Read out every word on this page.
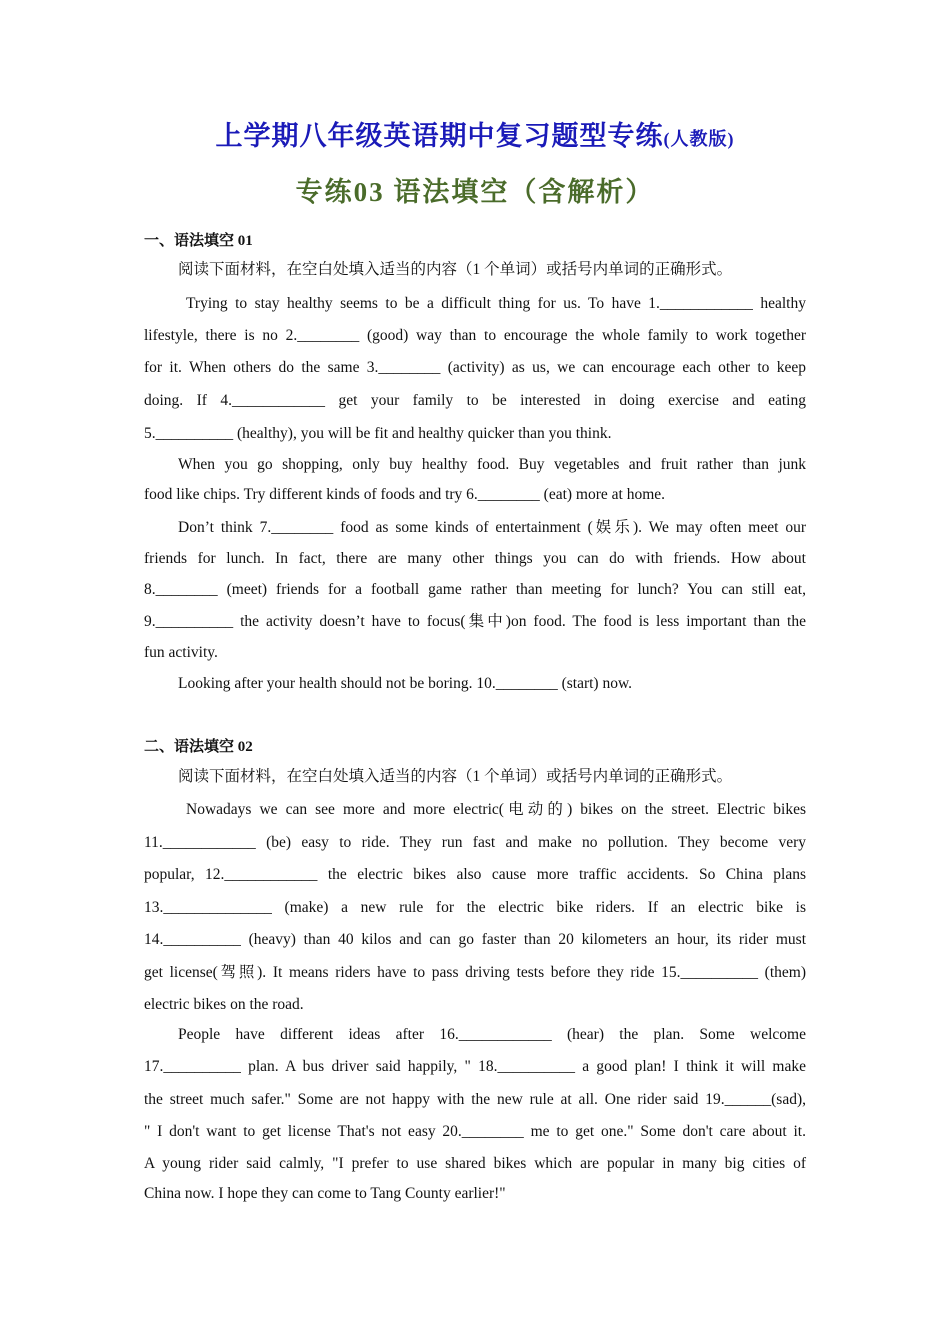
上学期八年级英语期中复习题型专练(人教版)
专练03 语法填空（含解析）
一、语法填空 01
阅读下面材料，在空白处填入适当的内容（1 个单词）或括号内单词的正确形式。
Trying to stay healthy seems to be a difficult thing for us. To have 1.____________ healthy
lifestyle, there is no 2.________ (good) way than to encourage the whole family to work together
for it. When others do the same 3.________ (activity) as us, we can encourage each other to keep
doing. If 4.____________ get your family to be interested in doing exercise and eating
5.__________ (healthy), you will be fit and healthy quicker than you think.
When you go shopping, only buy healthy food. Buy vegetables and fruit rather than junk
food like chips. Try different kinds of foods and try 6.________ (eat) more at home.
Don’t think 7.________ food as some kinds of entertainment (娱乐). We may often meet our
friends for lunch. In fact, there are many other things you can do with friends. How about
8.________ (meet) friends for a football game rather than meeting for lunch? You can still eat,
9.__________ the activity doesn’t have to focus(集中)on food. The food is less important than the
fun activity.
Looking after your health should not be boring. 10.________ (start) now.
二、语法填空 02
阅读下面材料，在空白处填入适当的内容（1 个单词）或括号内单词的正确形式。
Nowadays we can see more and more electric(电动的) bikes on the street. Electric bikes
11.____________ (be) easy to ride. They run fast and make no pollution. They become very
popular, 12.____________ the electric bikes also cause more traffic accidents. So China plans
13.______________ (make) a new rule for the electric bike riders. If an electric bike is
14.__________ (heavy) than 40 kilos and can go faster than 20 kilometers an hour, its rider must
get license(驾照). It means riders have to pass driving tests before they ride 15.__________ (them)
electric bikes on the road.
People have different ideas after 16.____________ (hear) the plan. Some welcome
17.__________ plan. A bus driver said happily, " 18.__________ a good plan! I think it will make
the street much safer." Some are not happy with the new rule at all. One rider said 19.______(sad),
" I don't want to get license That's not easy 20.________ me to get one." Some don't care about it.
A young rider said calmly, "I prefer to use shared bikes which are popular in many big cities of
China now. I hope they can come to Tang County earlier!"
